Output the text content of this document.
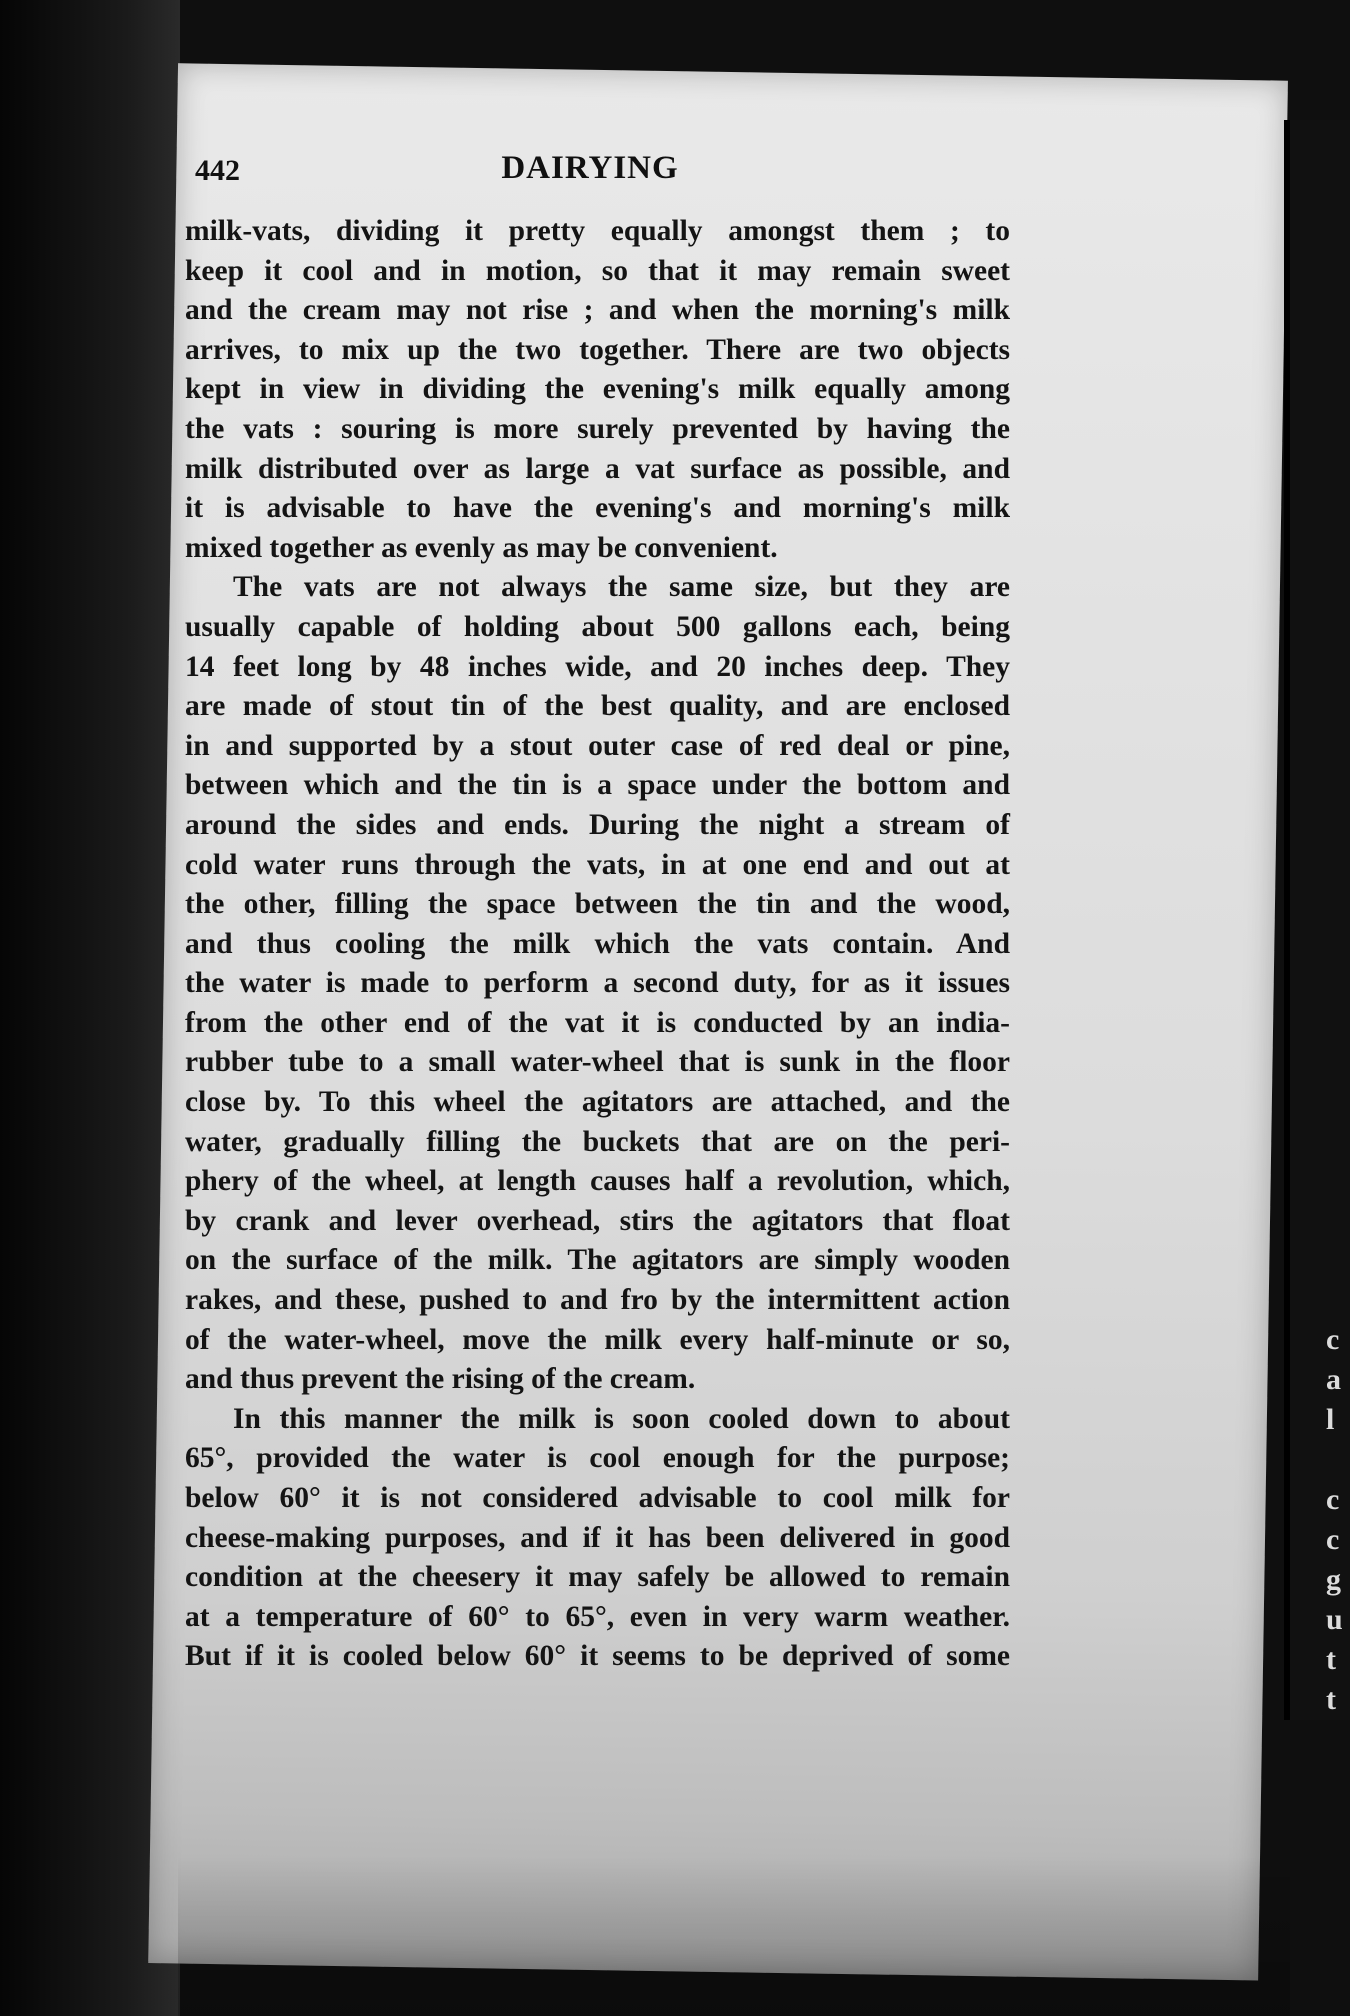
c
a
l

c
c
g
u
t
t
442	DAIRYING
milk-vats, dividing it pretty equally amongst them ; to
keep it cool and in motion, so that it may remain sweet
and the cream may not rise ; and when the morning's milk
arrives, to mix up the two together. There are two objects
kept in view in dividing the evening's milk equally among
the vats : souring is more surely prevented by having the
milk distributed over as large a vat surface as possible, and
it is advisable to have the evening's and morning's milk
mixed together as evenly as may be convenient.
The vats are not always the same size, but they are
usually capable of holding about 500 gallons each, being
14 feet long by 48 inches wide, and 20 inches deep. They
are made of stout tin of the best quality, and are enclosed
in and supported by a stout outer case of red deal or pine,
between which and the tin is a space under the bottom and
around the sides and ends. During the night a stream of
cold water runs through the vats, in at one end and out at
the other, filling the space between the tin and the wood,
and thus cooling the milk which the vats contain. And
the water is made to perform a second duty, for as it issues
from the other end of the vat it is conducted by an india-
rubber tube to a small water-wheel that is sunk in the floor
close by. To this wheel the agitators are attached, and the
water, gradually filling the buckets that are on the peri-
phery of the wheel, at length causes half a revolution, which,
by crank and lever overhead, stirs the agitators that float
on the surface of the milk. The agitators are simply wooden
rakes, and these, pushed to and fro by the intermittent action
of the water-wheel, move the milk every half-minute or so,
and thus prevent the rising of the cream.
In this manner the milk is soon cooled down to about
65°, provided the water is cool enough for the purpose;
below 60° it is not considered advisable to cool milk for
cheese-making purposes, and if it has been delivered in good
condition at the cheesery it may safely be allowed to remain
at a temperature of 60° to 65°, even in very warm weather.
But if it is cooled below 60° it seems to be deprived of some
